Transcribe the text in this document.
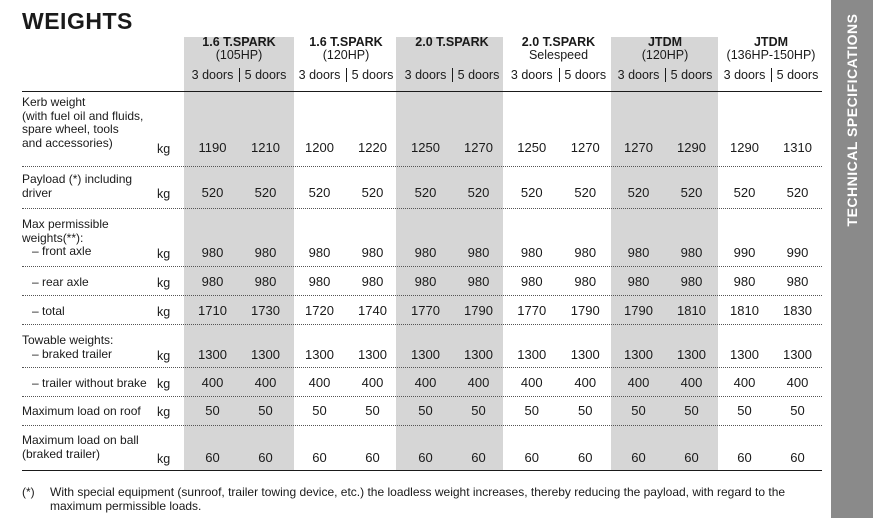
WEIGHTS	TECHNICAL SPECIFICATIONS
1.6 T.SPARK
(105HP)
3 doors 5 doors
1.6 T.SPARK
(120HP)
3 doors 5 doors
2.0 T.SPARK
3 doors 5 doors
2.0 T.SPARK
Selespeed
3 doors 5 doors
JTDM
(120HP)
3 doors 5 doors
JTDM
(136HP-150HP)
3 doors 5 doors
Kerb weight
(with fuel oil and fluids,
spare wheel, tools
and accessories)	kg	1190	1210	1200	1220	1250	1270	1250	1270	1270	1290	1290	1310
Payload (*) including
driver	kg	520	520	520	520	520	520	520	520	520	520	520	520
Max permissible
weights(**):
– front axle	kg	980	980	980	980	980	980	980	980	980	980	990	990
– rear axle	kg	980	980	980	980	980	980	980	980	980	980	980	980
– total	kg	1710	1730	1720	1740	1770	1790	1770	1790	1790	1810	1810	1830
Towable weights:
– braked trailer	kg	1300	1300	1300	1300	1300	1300	1300	1300	1300	1300	1300	1300
– trailer without brake kg	400	400	400	400	400	400	400	400	400	400	400	400
Maximum load on roof kg	50	50	50	50	50	50	50	50	50	50	50	50
Maximum load on ball
(braked trailer)	kg	60	60	60	60	60	60	60	60	60	60	60	60
(*) With special equipment (sunroof, trailer towing device, etc.) the loadless weight increases, thereby reducing the payload, with regard to the maximum permissible loads.
